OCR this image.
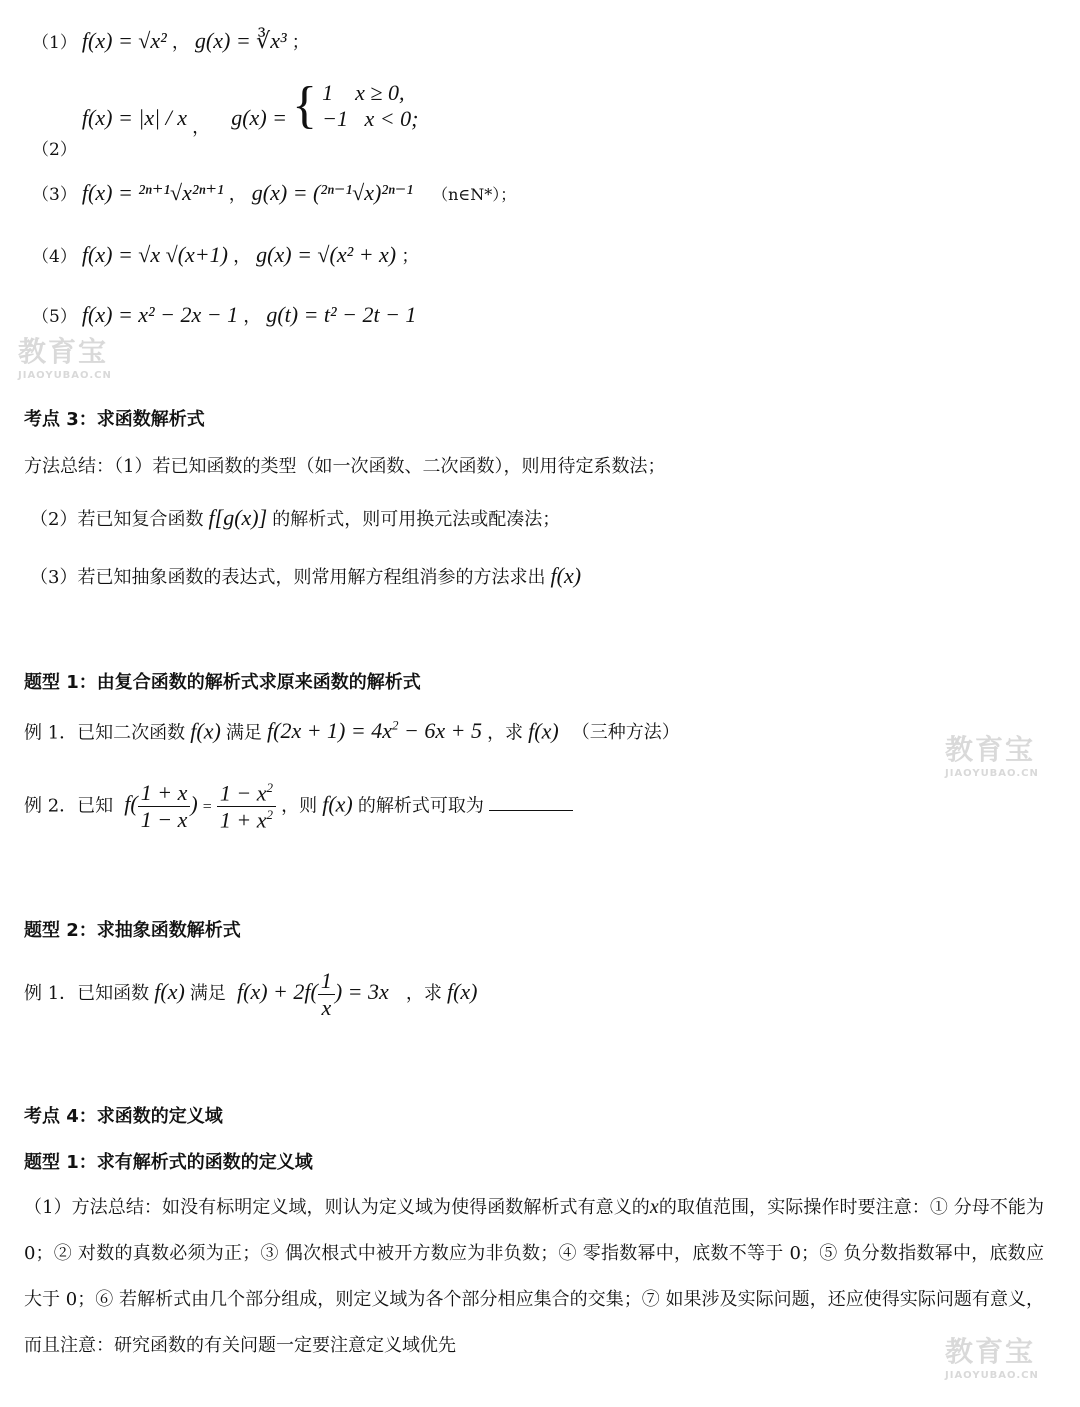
（1） f(x) = √x² ， g(x) = ∛x³ ；
（2） f(x) = |x| / x ， g(x) = { 1    x ≥ 0,
−1   x < 0;
（3） f(x) = ²ⁿ⁺¹√x²ⁿ⁺¹ ， g(x) = (²ⁿ⁻¹√x)²ⁿ⁻¹ （n∈N*）；
（4） f(x) = √x √(x+1) ， g(x) = √(x² + x) ；
（5） f(x) = x² − 2x − 1 ， g(t) = t² − 2t − 1
教育宝
JIAOYUBAO.CN
教育宝
JIAOYUBAO.CN
教育宝
JIAOYUBAO.CN
考点 3：求函数解析式
方法总结：（1）若已知函数的类型（如一次函数、二次函数），则用待定系数法；
（2）若已知复合函数 f[g(x)] 的解析式，则可用换元法或配凑法；
（3）若已知抽象函数的表达式，则常用解方程组消参的方法求出 f(x)
题型 1：由复合函数的解析式求原来函数的解析式
例 1．已知二次函数 f(x) 满足 $f(2x + 1) = 4x^2 - 6x + 5$ ，求 f(x) （三种方法）
例 2．已知 $f( \frac{1 + x}{1 - x}$ ) = $\frac{1 - x^2}{1 + x^2}$ ，则 f(x) 的解析式可取为
题型 2：求抽象函数解析式
例 1．已知函数 f(x) 满足 $f(x) + 2f( \frac{1}{x}$ ) = 3x ，求 f(x)
考点 4：求函数的定义域
题型 1：求有解析式的函数的定义域
（1）方法总结：如没有标明定义域，则认为定义域为使得函数解析式有意义的x的取值范围，实际操作时要注意：① 分母不能为 0；② 对数的真数必须为正；③ 偶次根式中被开方数应为非负数；④ 零指数幂中，底数不等于 0；⑤ 负分数指数幂中，底数应大于 0；⑥ 若解析式由几个部分组成，则定义域为各个部分相应集合的交集；⑦ 如果涉及实际问题，还应使得实际问题有意义，而且注意：研究函数的有关问题一定要注意定义域优先
